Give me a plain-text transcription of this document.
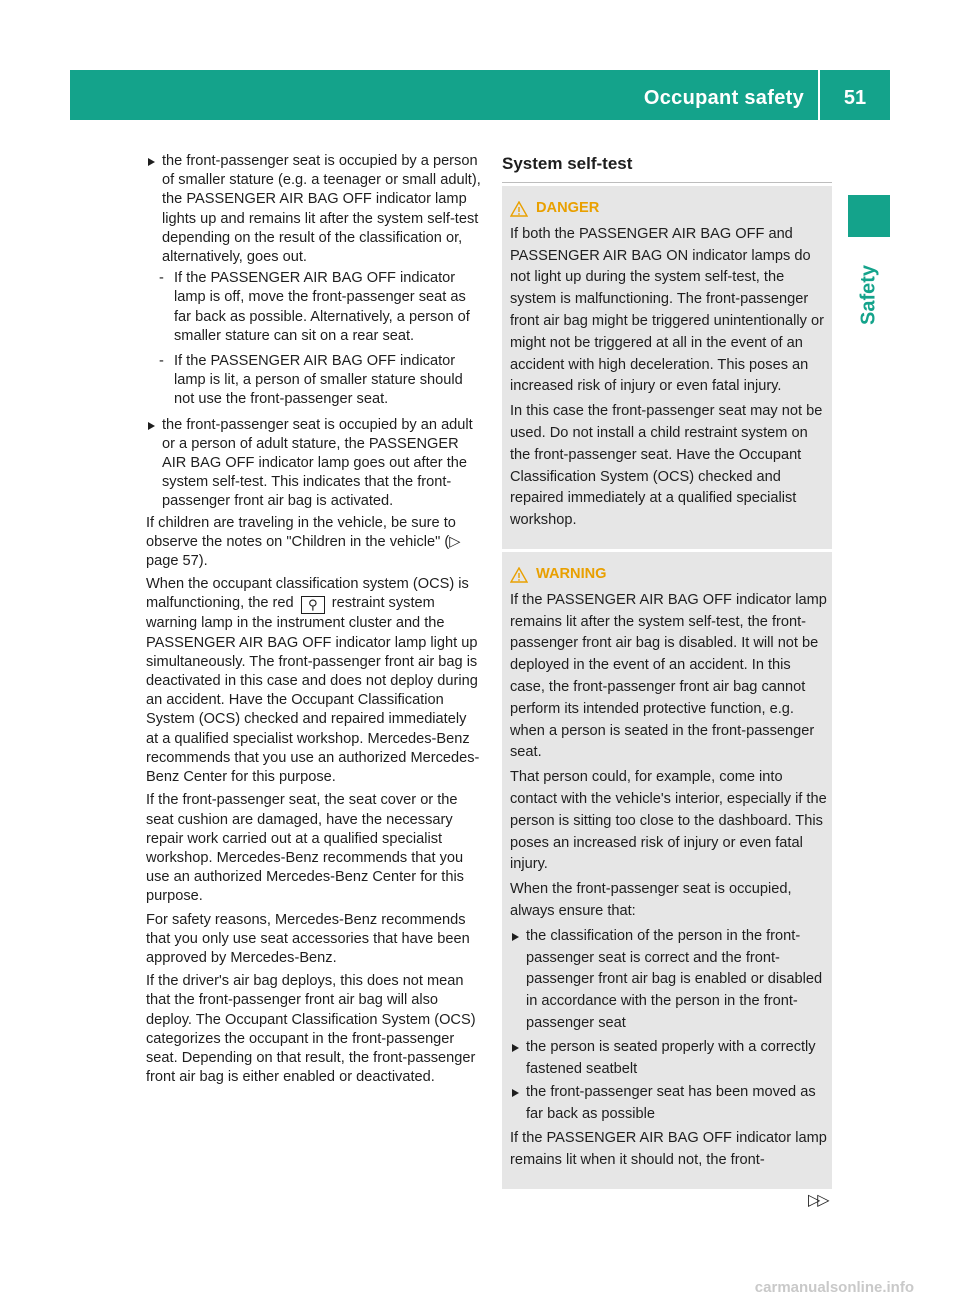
Occupant safety	51
Safety
the front-passenger seat is occupied by a person of smaller stature (e.g. a teenager or small adult), the PASSENGER AIR BAG OFF indicator lamp lights up and remains lit after the system self-test depending on the result of the classification or, alternatively, goes out.
- If the PASSENGER AIR BAG OFF indicator lamp is off, move the front-passenger seat as far back as possible. Alternatively, a person of smaller stature can sit on a rear seat.
- If the PASSENGER AIR BAG OFF indicator lamp is lit, a person of smaller stature should not use the front-passenger seat.
the front-passenger seat is occupied by an adult or a person of adult stature, the PASSENGER AIR BAG OFF indicator lamp goes out after the system self-test. This indicates that the front-passenger front air bag is activated.

If children are traveling in the vehicle, be sure to observe the notes on "Children in the vehicle" (▷ page 57).

When the occupant classification system (OCS) is malfunctioning, the red ⚲ restraint system warning lamp in the instrument cluster and the PASSENGER AIR BAG OFF indicator lamp light up simultaneously. The front-passenger front air bag is deactivated in this case and does not deploy during an accident. Have the Occupant Classification System (OCS) checked and repaired immediately at a qualified specialist workshop. Mercedes-Benz recommends that you use an authorized Mercedes-Benz Center for this purpose.

If the front-passenger seat, the seat cover or the seat cushion are damaged, have the necessary repair work carried out at a qualified specialist workshop. Mercedes-Benz recommends that you use an authorized Mercedes-Benz Center for this purpose.

For safety reasons, Mercedes-Benz recommends that you only use seat accessories that have been approved by Mercedes-Benz.

If the driver's air bag deploys, this does not mean that the front-passenger front air bag will also deploy. The Occupant Classification System (OCS) categorizes the occupant in the front-passenger seat. Depending on that result, the front-passenger front air bag is either enabled or deactivated.

System self-test
DANGER

If both the PASSENGER AIR BAG OFF and PASSENGER AIR BAG ON indicator lamps do not light up during the system self-test, the system is malfunctioning. The front-passenger front air bag might be triggered unintentionally or might not be triggered at all in the event of an accident with high deceleration. This poses an increased risk of injury or even fatal injury.

In this case the front-passenger seat may not be used. Do not install a child restraint system on the front-passenger seat. Have the Occupant Classification System (OCS) checked and repaired immediately at a qualified specialist workshop.

WARNING

If the PASSENGER AIR BAG OFF indicator lamp remains lit after the system self-test, the front-passenger front air bag is disabled. It will not be deployed in the event of an accident. In this case, the front-passenger front air bag cannot perform its intended protective function, e.g. when a person is seated in the front-passenger seat.

That person could, for example, come into contact with the vehicle's interior, especially if the person is sitting too close to the dashboard. This poses an increased risk of injury or even fatal injury.

When the front-passenger seat is occupied, always ensure that:

the classification of the person in the front-passenger seat is correct and the front-passenger front air bag is enabled or disabled in accordance with the person in the front-passenger seat
the person is seated properly with a correctly fastened seatbelt
the front-passenger seat has been moved as far back as possible

If the PASSENGER AIR BAG OFF indicator lamp remains lit when it should not, the front-

▷▷
carmanualsonline.info
